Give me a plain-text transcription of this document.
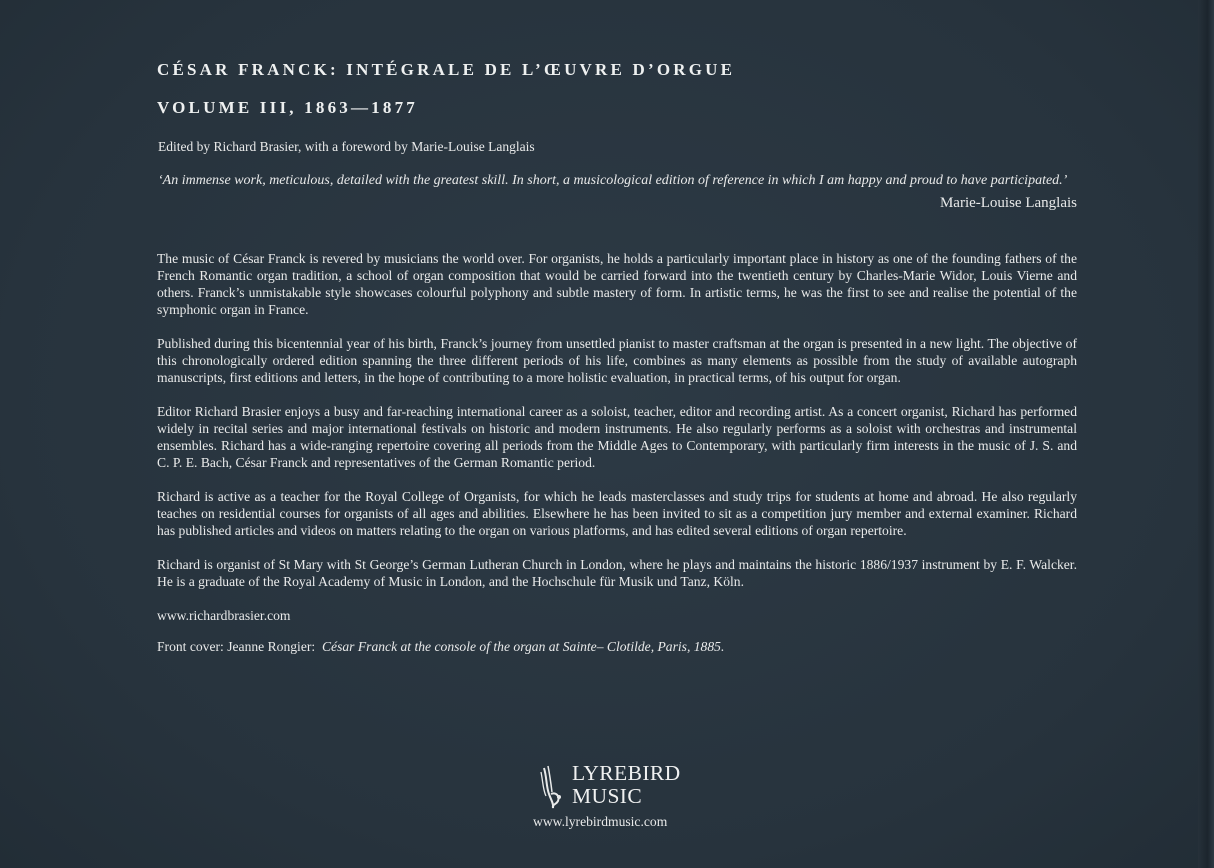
CÉSAR FRANCK: INTÉGRALE DE L’ŒUVRE D’ORGUE
VOLUME III, 1863—1877
Edited by Richard Brasier, with a foreword by Marie-Louise Langlais
‘An immense work, meticulous, detailed with the greatest skill. In short, a musicological edition of reference in which I am happy and proud to have participated.’
Marie-Louise Langlais

The music of César Franck is revered by musicians the world over. For organists, he holds a particularly important place in history as one of the founding fathers of the French Romantic organ tradition, a school of organ composition that would be carried forward into the twentieth century by Charles-Marie Widor, Louis Vierne and others. Franck’s unmistakable style showcases colourful polyphony and subtle mastery of form. In artistic terms, he was the first to see and realise the potential of the symphonic organ in France.

Published during this bicentennial year of his birth, Franck’s journey from unsettled pianist to master craftsman at the organ is presented in a new light. The objective of this chronologically ordered edition spanning the three different periods of his life, combines as many elements as possible from the study of available autograph manuscripts, first editions and letters, in the hope of contributing to a more holistic evaluation, in practical terms, of his output for organ.

Editor Richard Brasier enjoys a busy and far-reaching international career as a soloist, teacher, editor and recording artist. As a concert organist, Richard has performed widely in recital series and major international festivals on historic and modern instruments. He also regularly performs as a soloist with orchestras and instrumental ensembles. Richard has a wide-ranging repertoire covering all periods from the Middle Ages to Contemporary, with particularly firm interests in the music of J. S. and C. P. E. Bach, César Franck and representatives of the German Romantic period.

Richard is active as a teacher for the Royal College of Organists, for which he leads masterclasses and study trips for students at home and abroad. He also regularly teaches on residential courses for organists of all ages and abilities. Elsewhere he has been invited to sit as a competition jury member and external examiner. Richard has published articles and videos on matters relating to the organ on various platforms, and has edited several editions of organ repertoire.

Richard is organist of St Mary with St George’s German Lutheran Church in London, where he plays and maintains the historic 1886/1937 instrument by E. F. Walcker. He is a graduate of the Royal Academy of Music in London, and the Hochschule für Musik und Tanz, Köln.

www.richardbrasier.com
Front cover: Jeanne Rongier: César Franck at the console of the organ at Sainte– Clotilde, Paris, 1885.
LYREBIRD
MUSIC
www.lyrebirdmusic.com
